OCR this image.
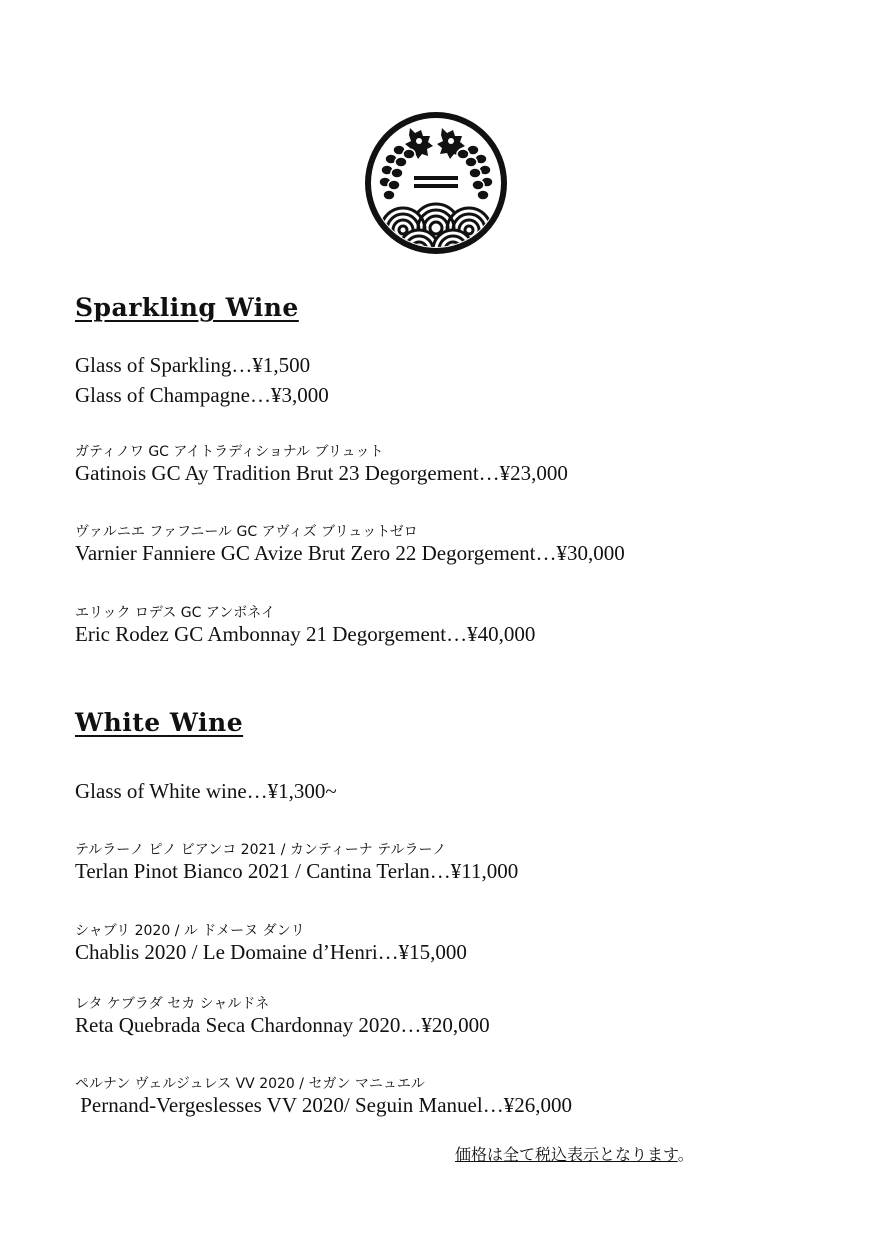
Sparkling Wine
Glass of Sparkling…¥1,500
Glass of Champagne…¥3,000
ガティノワ GC アイトラディショナル ブリュット
Gatinois GC Ay Tradition Brut 23 Degorgement…¥23,000
ヴァルニエ ファフニール GC アヴィズ ブリュットゼロ
Varnier Fanniere GC Avize Brut Zero 22 Degorgement…¥30,000
エリック ロデス GC アンボネイ
Eric Rodez GC Ambonnay 21 Degorgement…¥40,000
White Wine
Glass of White wine…¥1,300~
テルラーノ ピノ ビアンコ 2021 / カンティーナ テルラーノ
Terlan Pinot Bianco 2021 / Cantina Terlan…¥11,000
シャブリ 2020 / ル ドメーヌ ダンリ
Chablis 2020 / Le Domaine d’Henri…¥15,000
レタ ケブラダ セカ シャルドネ
Reta Quebrada Seca Chardonnay 2020…¥20,000
ペルナン ヴェルジュレス VV 2020 / セガン マニュエル
Pernand-Vergeslesses VV 2020/ Seguin Manuel…¥26,000
価格は全て税込表示となります。
